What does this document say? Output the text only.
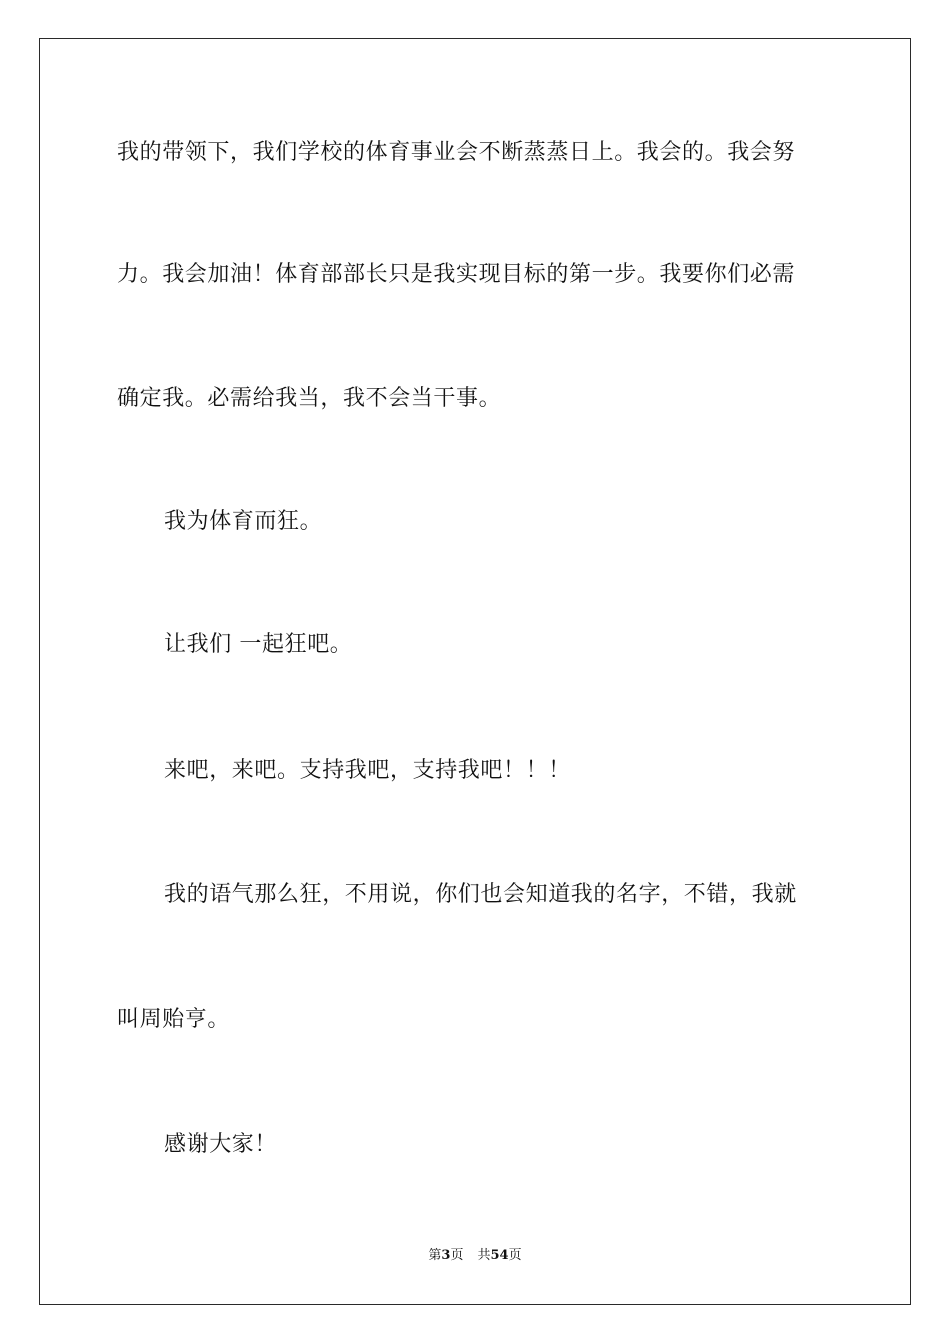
我的带领下，我们学校的体育事业会不断蒸蒸日上。我会的。我会努
力。我会加油！体育部部长只是我实现目标的第一步。我要你们必需
确定我。必需给我当，我不会当干事。
我为体育而狂。
让我们 一起狂吧。
来吧，来吧。支持我吧，支持我吧！！！
我的语气那么狂，不用说，你们也会知道我的名字，不错，我就
叫周贻亨。
感谢大家！
第3页 共54页
